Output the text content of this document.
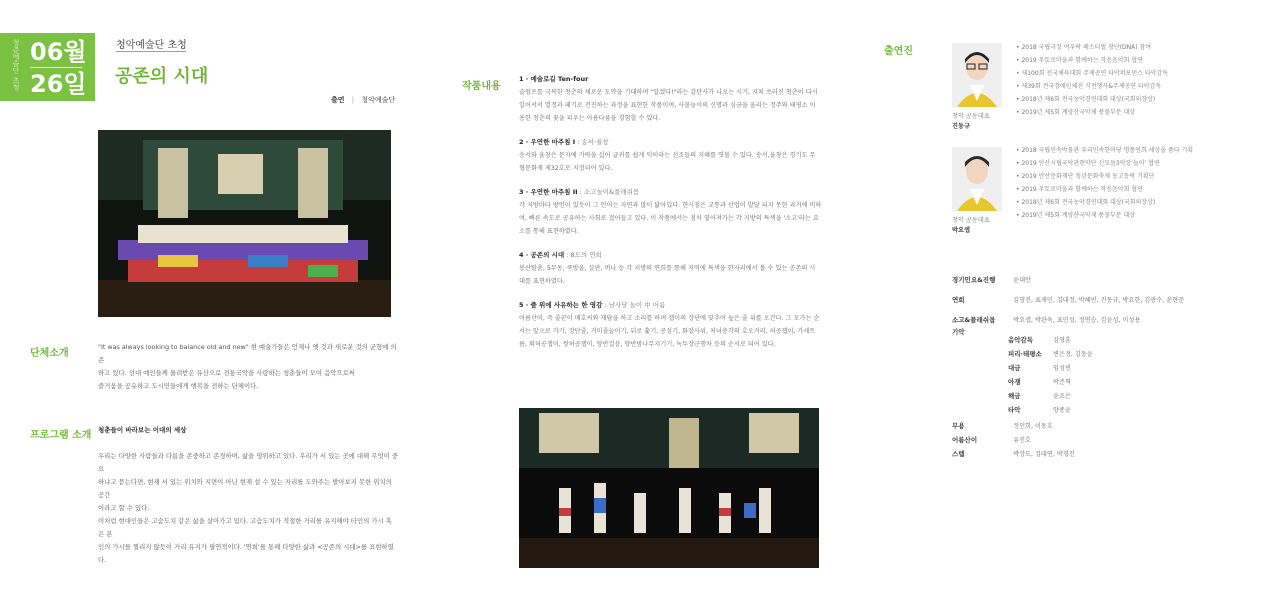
청춘예술단 초청 06월
26일
청악예술단 초청
공존의 시대
출연 | 청악예술단
단체소개
"It was always looking to balance old and new" 현 예술가들은 언제나 옛 것과 새로운 것의 균형에 의존
하고 있다. 선대 예인들께 물려받은 유산으로 전통국악을 사랑하는 청춘들이 모여 음악으로써
즐거움을 공유하고 도시민들에게 행복을 전하는 단체이다.
프로그램 소개 청춘들이 바라보는 이대의 세상
우리는 다양한 사람들과 다름을 존중하고 존경하며, 삶을 영위하고 있다. 우리가 서 있는 곳에 대해 무엇이 중요
하냐고 묻는다면, 현재 서 있는 위치와 지면이 아닌 현재 설 수 있는 자리를 도와주는 발아보지 못한 위치의 공간
이라고 할 수 있다.
이처럼 현대인들은 고숨도치 같은 삶을 살아가고 있다. 고슴도치가 적절한 거리를 유지해야 타인의 가시 혹은 본
인의 가시를 찔리지 않듯이 거리 유지가 필연적이다. '연희'를 통해 다양한 삶과 <공존의 시대>를 표현하였다.
작품내용
1 · 예술로길 Ten-four
슬럼프를 극복한 청춘의 새로운 도약을 기대하며 "알겠다!"라는 감탄사가 나오는 시기, 지쳐 쓰러진 청춘이 다시
일어서서 열정과 패기로 전진하는 과정을 표현한 작품이며, 사물놀이의 신명과 심금을 울리는 정주와 태평소 이
용한 청춘의 꽃을 피우는 아름다움을 경험할 수 있다.
2 · 우연한 마주침 I : 송서·율창
송서와 율창은 문자에 가락을 실어 글귀를 쉽게 익히라는 선조들의 지혜를 엿볼 수 있다. 송서,율창은 경기도 무
형문화재 제32호로 지정되어 있다.
3 · 우연한 마주침 II : 소고놀이&풀래쉬몹
각 지방마다 방언이 있듯이 그 언어는 자연과 많이 닮아있다. 현시점은 교통과 산업이 발달 되지 못한 과거에 비하
여, 빠른 속도로 공유하는 사회로 접어들고 있다. 이 작품에서는 점차 옅어져가는 각 지방의 특색을 '소고'라는 요
소를 통해 표현하였다.
4 · 공존의 시대 : 8도의 연희
봉산탈춤, 5무동, 죽방울, 살판, 버나 등 각 지방의 연희를 통해 지역에 특색을 한자리에서 볼 수 있는 공존의 시
대를 표현하였다.
5 · 줄 위에 사유하는 한 영감 : 남사당 놀이 中 어름
어름산이, 즉 줄꾼이 매호씨와 재담을 하고 소리를 하며 잽이의 장단에 맞추어 높은 줄 위를 오간다. 그 모가는 순
서는 앞으로 가기, 장단줄, 거미줄늘이기, 뒤로 훑기, 콩심기, 화장사위, 처녀총각의 호오거리, 허공잽이, 가세트
름, 외허공잽이, 쌍허공잽이, 양반걸음, 양반밤나무지기기, 녹두장군행차 등의 순서로 되어 있다.
출연진
청악 공동대표
진동규
• 2018 국립극장 여우락 페스티벌 창단(DNA) 참여
• 2019 우토로마을과 함께하는 작음음악회 협연
• 제100회 전국체육대회 주제공연 타악퍼포먼스 타악감독
• 제39회 전국장애인체전 식전행사&주제공연 타악감독
• 2018년 제6회 전국농악경연대회 대상(국회의장상)
• 2019년 제5회 계양산국악제 풍물부문 대상
청악 공동대표
박요셉
• 2018 국립민속박물관 우리민속한마당 명품연희 세상을 품다 기획
• 2019 안산시립국악관현악단 신모듬3악장'놀이' 협연
• 2019 안산문화재단 청년문화축제 동고동락 기획단
• 2019 우토로마을과 함께하는 작음음악회 협연
• 2018년 제6회 전국농악경연대회 대상(국회의장상)
• 2019년 제5회 계양산국악제 풍물부문 대상
경기민요&진행	윤대안
연희	김영진, 표재민, 김대정, 박혜빈, 진동규, 박요한, 김광수, 윤현준
소고&플래쉬몹	박요셉, 박관욱, 표민성, 정연승, 김윤성, 이성용
기악
음악감독	김영훈
피리·태평소 변은정, 김동윤
대금	임성빈
아쟁	박준혁
해금	윤조은
타악	양종윤
무용	정인희, 이동호
어름산이	유진호
스텝	박상도, 김대연, 박경진
